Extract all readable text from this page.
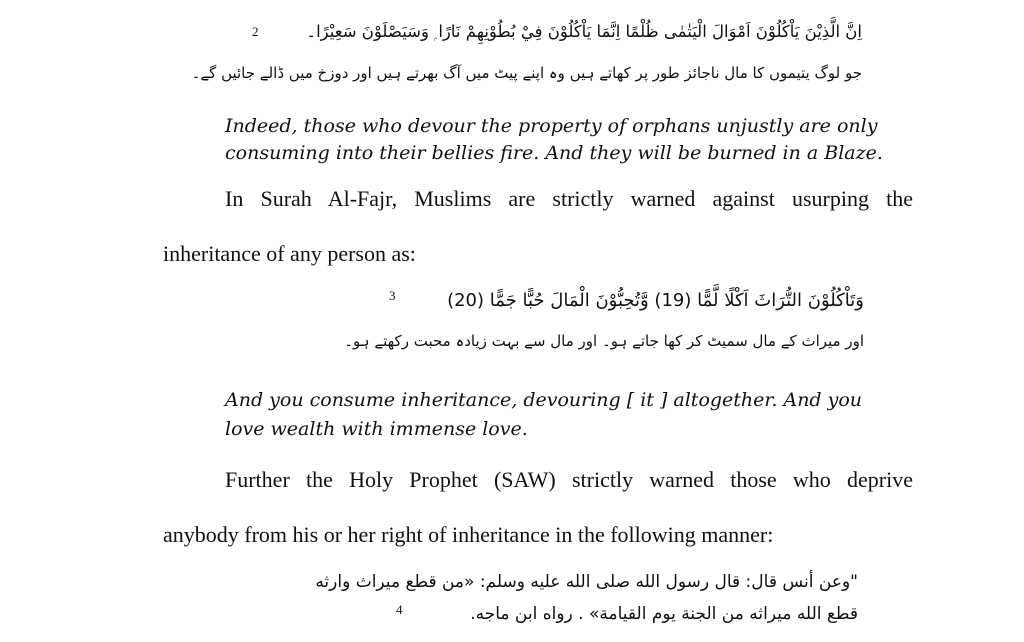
2	اِنَّ الَّذِيْنَ يَاْكُلُوْنَ اَمْوَالَ الْيَتٰمٰى ظُلْمًا اِنَّمَا يَاْكُلُوْنَ فِيْ بُطُوْنِهِمْ نَارًا ۭ وَسَيَصْلَوْنَ سَعِيْرًا۔
جو لوگ یتیموں کا مال ناجائز طور پر کھاتے ہیں وہ اپنے پیٹ میں آگ بھرتے ہیں اور دوزخ میں ڈالے جائیں گے۔
Indeed, those who devour the property of orphans unjustly are only
consuming into their bellies fire. And they will be burned in a Blaze.
In Surah Al-Fajr, Muslims are strictly warned against usurping the
inheritance of any person as:
3	وَتَاْكُلُوْنَ التُّرَاثَ اَكْلًا لَّمًّا (19) وَّتُحِبُّوْنَ الْمَالَ حُبًّا جَمًّا (20)
اور میراث کے مال سمیٹ کر کھا جاتے ہو۔ اور مال سے بہت زیادہ محبت رکھتے ہو۔
And you consume inheritance, devouring [ it ] altogether. And you
love wealth with immense love.
Further the Holy Prophet (SAW) strictly warned those who deprive
anybody from his or her right of inheritance in the following manner:
"وعن أنس قال: قال رسول الله صلى الله عليه وسلم: «من قطع ميراث وارثه
4	قطع الله ميراثه من الجنة يوم القيامة» . رواه ابن ماجه.
